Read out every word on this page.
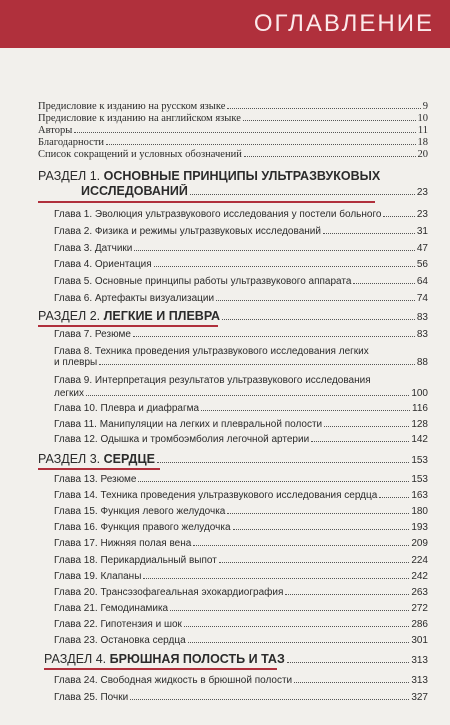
ОГЛАВЛЕНИЕ
Предисловие к изданию на русском языке	9
Предисловие к изданию на английском языке	10
Авторы	11
Благодарности	18
Список сокращений и условных обозначений	20
РАЗДЕЛ 1. ОСНОВНЫЕ ПРИНЦИПЫ УЛЬТРАЗВУКОВЫХ
ИССЛЕДОВАНИЙ	23
Глава 1. Эволюция ультразвукового исследования у постели больного	23
Глава 2. Физика и режимы ультразвуковых исследований	31
Глава 3. Датчики	47
Глава 4. Ориентация	56
Глава 5. Основные принципы работы ультразвукового аппарата	64
Глава 6. Артефакты визуализации	74
РАЗДЕЛ 2. ЛЕГКИЕ И ПЛЕВРА	83
Глава 7. Резюме	83
Глава 8. Техника проведения ультразвукового исследования легких
и плевры	88
Глава 9. Интерпретация результатов ультразвукового исследования
легких	100
Глава 10. Плевра и диафрагма	116
Глава 11. Манипуляции на легких и плевральной полости	128
Глава 12. Одышка и тромбоэмболия легочной артерии	142
РАЗДЕЛ 3. СЕРДЦЕ	153
Глава 13. Резюме	153
Глава 14. Техника проведения ультразвукового исследования сердца	163
Глава 15. Функция левого желудочка	180
Глава 16. Функция правого желудочка	193
Глава 17. Нижняя полая вена	209
Глава 18. Перикардиальный выпот	224
Глава 19. Клапаны	242
Глава 20. Трансэзофагеальная эхокардиография	263
Глава 21. Гемодинамика	272
Глава 22. Гипотензия и шок	286
Глава 23. Остановка сердца	301
РАЗДЕЛ 4. БРЮШНАЯ ПОЛОСТЬ И ТАЗ	313
Глава 24. Свободная жидкость в брюшной полости	313
Глава 25. Почки	327
